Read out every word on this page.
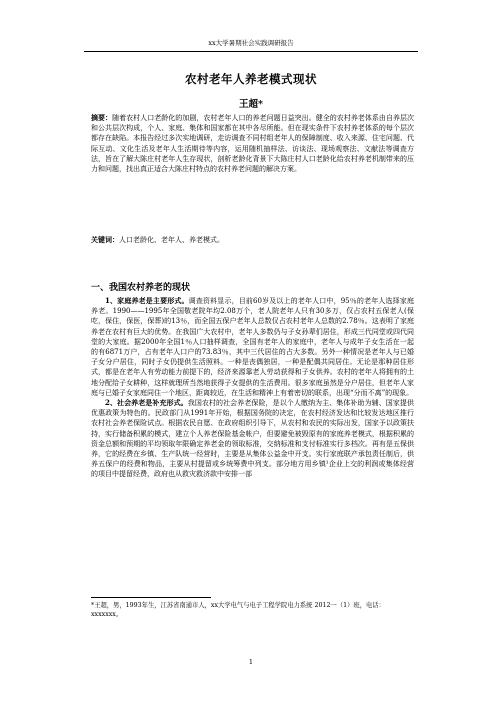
xx大学暑期社会实践调研报告
农村老年人养老模式现状
王超*
摘要：随着农村人口老龄化的加剧，农村老年人口的养老问题日益突出。健全的农村养老体系由自养层次和公共层次构成，个人、家庭、集体和国家都在其中各尽所能。但在现实条件下农村养老体系的每个层次都存在缺陷。本报告经过多次实地调研，走访调查不同村组老年人的保障制度、收入来源、住宅问题、代际互动、文化生活及老年人生活期待等内容，运用随机抽样法、访谈法、现场观察法、文献法等调查方法，旨在了解大陈庄村老年人生存现状，剖析老龄化背景下大陈庄村人口老龄化给农村养老机制带来的压力和问题，找出真正适合大陈庄村特点的农村养老问题的解决方案。
关键词：人口老龄化、老年人、养老模式。
一、我国农村养老的现状

1、家庭养老是主要形式。调查资料显示，目前60岁及以上的老年人口中，95％的老年人选择家庭养老。1990——1995年全国敬老院年均2.08万个，老人院老年人只有30多万，仅占农村五保老人(保吃，保住，保医，保葬)的13％，而全国五保户老年人总数仅占农村老年人总数的2.78％。这表明了家庭养老在农村有巨大的优势。在我国广大农村中，老年人多数仍与子女孙辈们居住，形成三代同堂或四代同堂的大家庭。据2000年全国1％人口抽样调查，全国有老年人的家庭中，老年人与成年子女生活在一起的有6871万户，占有老年人口户的73.83％，其中三代居住的占大多数。另外一种情况是老年人与已婚子女分户居住，同时子女仍提供生活照料。一种是丧偶独居，一种是配偶共同居住。无论是那种居住形式，都是在老年人有劳动能力前提下的，经济来源靠老人劳动获得和子女供养。农村的老年人将拥有的土地分配给子女耕种，这样就理所当然地获得子女提供的生活费用。很多家庭虽然是分户居住，但老年人家庭与已婚子女家庭同住一个地区，距离较近，在生活和精神上有着密切的联系，出现“分而不离”的现象。

2、社会养老是补充形式。我国农村的社会养老保险，是以个人缴纳为主、集体补助为辅、国家提供优惠政策为特色的。民政部门从1991年开始，根据国务院的决定，在农村经济发达和比较发达地区推行农村社会养老保险试点。根据农民自愿、在政府组织引导下，从农村和农民的实际出发，国家予以政策扶持，实行储备积累的模式，建立个人养老保险基金帐户，但要避免被毁原有的家庭养老模式，根据积累的资金总额和预期的平均领取年限确定养老金的领取标准，交纳标准和支付标准实行多档次。再有是五保供养，它的经费在乡镇、生产队统一经营时，主要是从集体公益金中开支。实行家庭联产承包责任制后，供养五保户的经费和物品，主要从村提留或乡统筹费中列支。部分地方用乡镇¹企业上交的利润或集体经营的项目中提留经费，政府也从救灾救济款中安排一部

*王超，男，1993年生，江苏省南通市人，xx大学电气与电子工程学院电力系统 2012一（1）班，电话：xxxxxxx。
1
